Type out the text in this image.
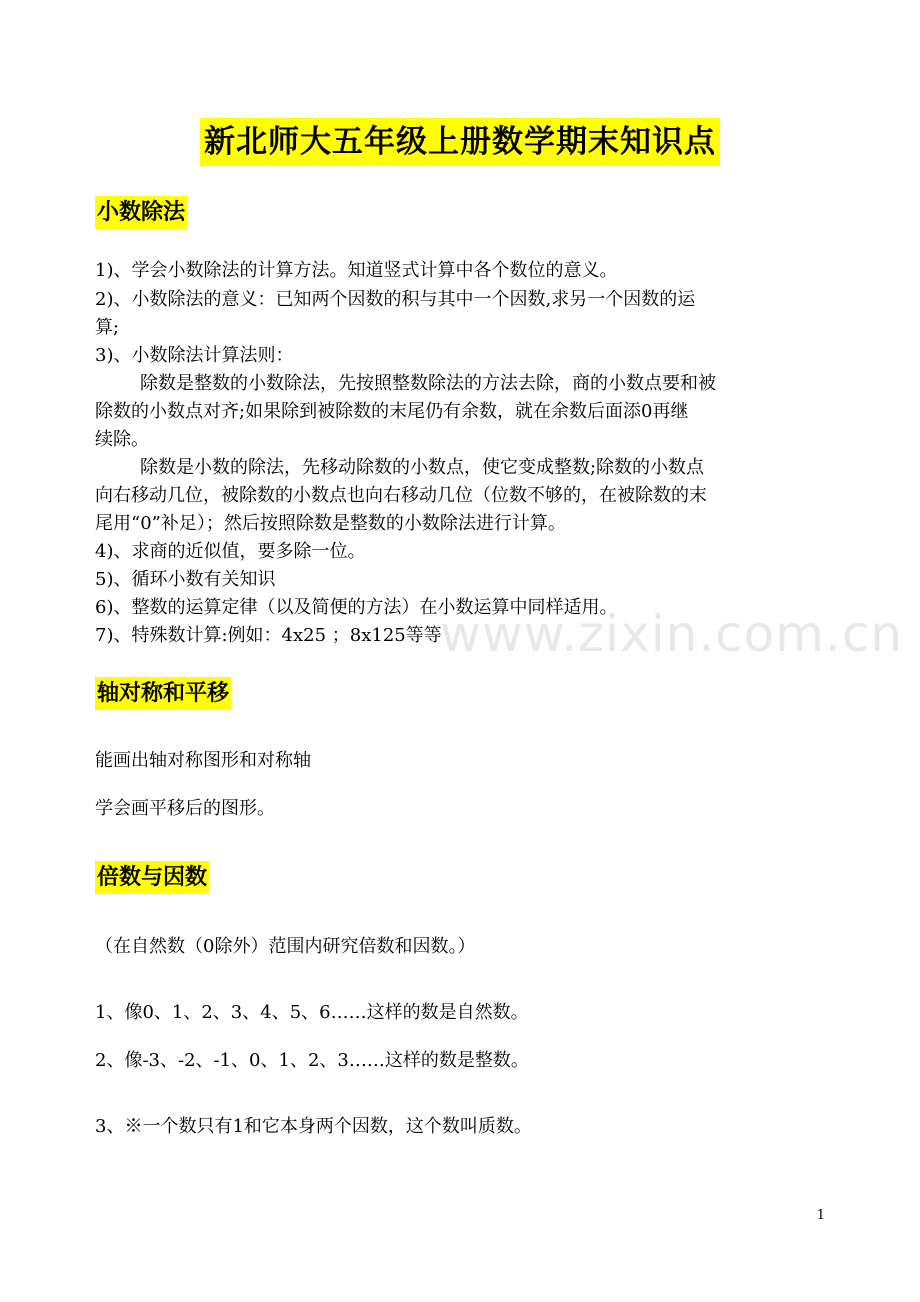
新北师大五年级上册数学期末知识点
小数除法
1)、学会小数除法的计算方法。知道竖式计算中各个数位的意义。
2)、小数除法的意义：已知两个因数的积与其中一个因数,求另一个因数的运
算;
3)、小数除法计算法则：
除数是整数的小数除法，先按照整数除法的方法去除，商的小数点要和被
除数的小数点对齐;如果除到被除数的末尾仍有余数，就在余数后面添0再继
续除。
除数是小数的除法，先移动除数的小数点，使它变成整数;除数的小数点
向右移动几位，被除数的小数点也向右移动几位（位数不够的，在被除数的末
尾用“0”补足）；然后按照除数是整数的小数除法进行计算。
4)、求商的近似值，要多除一位。
5)、循环小数有关知识
6)、整数的运算定律（以及简便的方法）在小数运算中同样适用。
7)、特殊数计算:例如：4x25 ；8x125等等
轴对称和平移
能画出轴对称图形和对称轴
学会画平移后的图形。
倍数与因数
（在自然数（0除外）范围内研究倍数和因数。）
1、像0、1、2、3、4、5、6……这样的数是自然数。
2、像-3、-2、-1、0、1、2、3……这样的数是整数。
3、※一个数只有1和它本身两个因数，这个数叫质数。
www.zixin.com.cn
1
